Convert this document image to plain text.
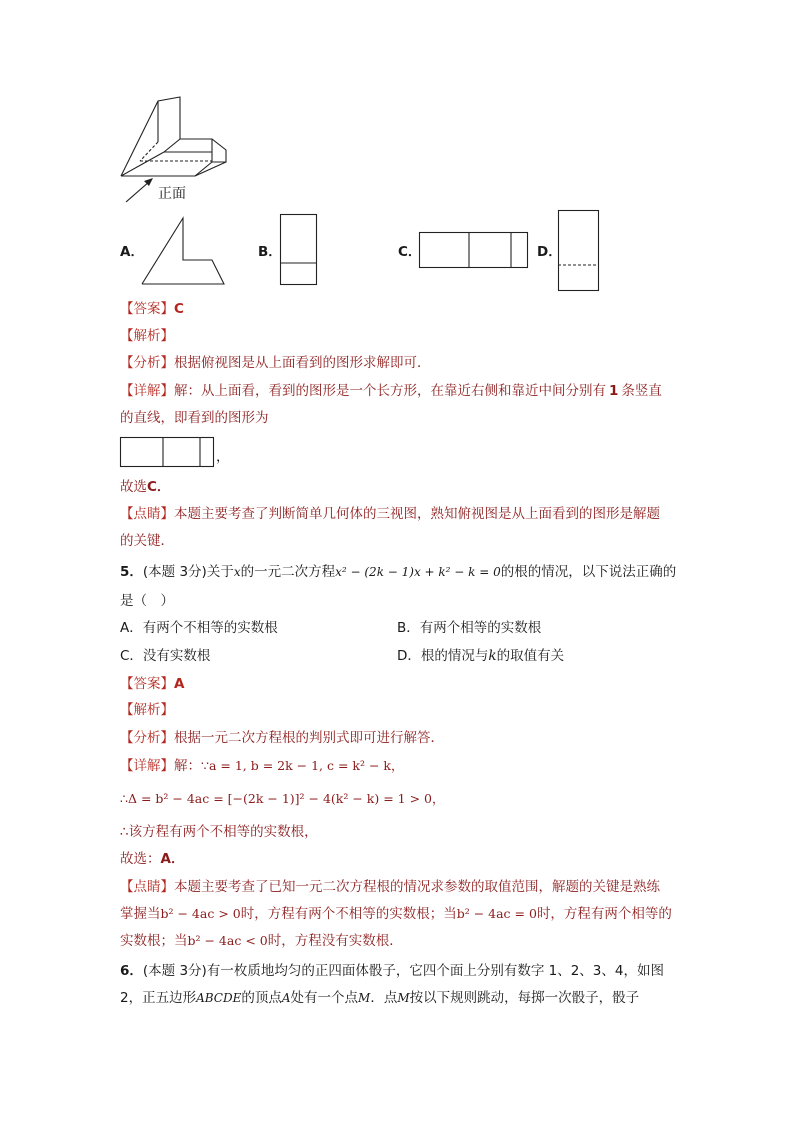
正面
A．	B．	C．	D．
【答案】C
【解析】
【分析】根据俯视图是从上面看到的图形求解即可．
【详解】解：从上面看，看到的图形是一个长方形，在靠近右侧和靠近中间分别有 1 条竖直
的直线，即看到的图形为
，
故选C．
【点睛】本题主要考查了判断简单几何体的三视图，熟知俯视图是从上面看到的图形是解题
的关键．
5．(本题 3分)关于x的一元二次方程x² − (2k − 1)x + k² − k = 0的根的情况，以下说法正确的
是（　）
A．有两个不相等的实数根	B．有两个相等的实数根
C．没有实数根	D．根的情况与k的取值有关
【答案】A
【解析】
【分析】根据一元二次方程根的判别式即可进行解答．
【详解】解：∵a = 1, b = 2k − 1, c = k² − k，
∴Δ = b² − 4ac = [−(2k − 1)]² − 4(k² − k) = 1 > 0，
∴该方程有两个不相等的实数根，
故选：A．
【点睛】本题主要考查了已知一元二次方程根的情况求参数的取值范围，解题的关键是熟练
掌握当b² − 4ac > 0时，方程有两个不相等的实数根；当b² − 4ac = 0时，方程有两个相等的
实数根；当b² − 4ac < 0时，方程没有实数根．
6．(本题 3分)有一枚质地均匀的正四面体骰子，它四个面上分别有数字 1、2、3、4，如图
2，正五边形ABCDE的顶点A处有一个点M．点M按以下规则跳动，每掷一次骰子，骰子
